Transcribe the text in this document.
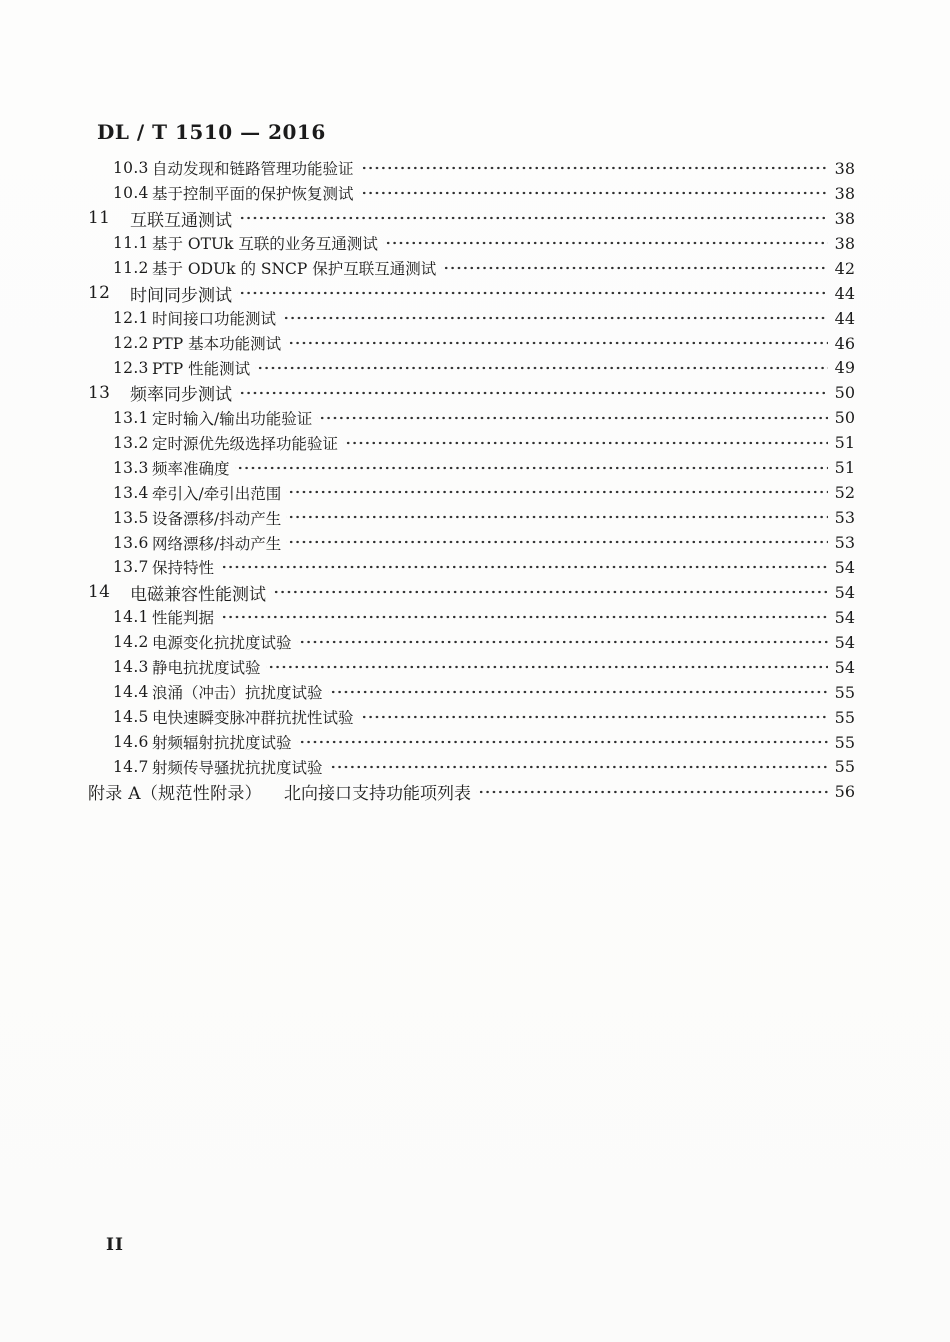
DL / T 1510 — 2016
10.3 自动发现和链路管理功能验证	38
10.4 基于控制平面的保护恢复测试	38
11	互联互通测试	38
11.1 基于 OTUk 互联的业务互通测试	38
11.2 基于 ODUk 的 SNCP 保护互联互通测试	42
12	时间同步测试	44
12.1 时间接口功能测试	44
12.2 PTP 基本功能测试	46
12.3 PTP 性能测试	49
13	频率同步测试	50
13.1 定时输入/输出功能验证	50
13.2 定时源优先级选择功能验证	51
13.3 频率准确度	51
13.4 牵引入/牵引出范围	52
13.5 设备漂移/抖动产生	53
13.6 网络漂移/抖动产生	53
13.7 保持特性	54
14	电磁兼容性能测试	54
14.1 性能判据	54
14.2 电源变化抗扰度试验	54
14.3 静电抗扰度试验	54
14.4 浪涌（冲击）抗扰度试验	55
14.5 电快速瞬变脉冲群抗扰性试验	55
14.6 射频辐射抗扰度试验	55
14.7 射频传导骚扰抗扰度试验	55
附录 A（规范性附录） 北向接口支持功能项列表	56
II
